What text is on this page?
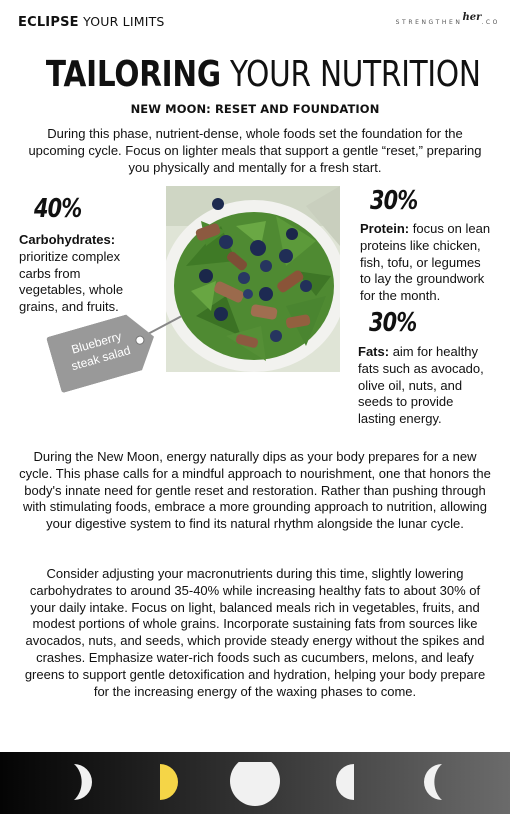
ECLIPSE YOUR LIMITS	STRENGTHENher.CO
TAILORING YOUR NUTRITION
NEW MOON: RESET AND FOUNDATION

During this phase, nutrient-dense, whole foods set the foundation for the upcoming cycle. Focus on lighter meals that support a gentle “reset,” preparing you physically and mentally for a fresh start.

40%
Carbohydrates:
prioritize complex carbs from vegetables, whole grains, and fruits.
Blueberry steak salad
30%
Protein: focus on lean proteins like chicken, fish, tofu, or legumes to lay the groundwork for the month.
30%
Fats: aim for healthy fats such as avocado, olive oil, nuts, and seeds to provide lasting energy.

During the New Moon, energy naturally dips as your body prepares for a new cycle. This phase calls for a mindful approach to nourishment, one that honors the body's innate need for gentle reset and restoration. Rather than pushing through with stimulating foods, embrace a more grounding approach to nutrition, allowing your digestive system to find its natural rhythm alongside the lunar cycle.

Consider adjusting your macronutrients during this time, slightly lowering carbohydrates to around 35-40% while increasing healthy fats to about 30% of your daily intake. Focus on light, balanced meals rich in vegetables, fruits, and modest portions of whole grains. Incorporate sustaining fats from sources like avocados, nuts, and seeds, which provide steady energy without the spikes and crashes. Emphasize water-rich foods such as cucumbers, melons, and leafy greens to support gentle detoxification and hydration, helping your body prepare for the increasing energy of the waxing phases to come.
